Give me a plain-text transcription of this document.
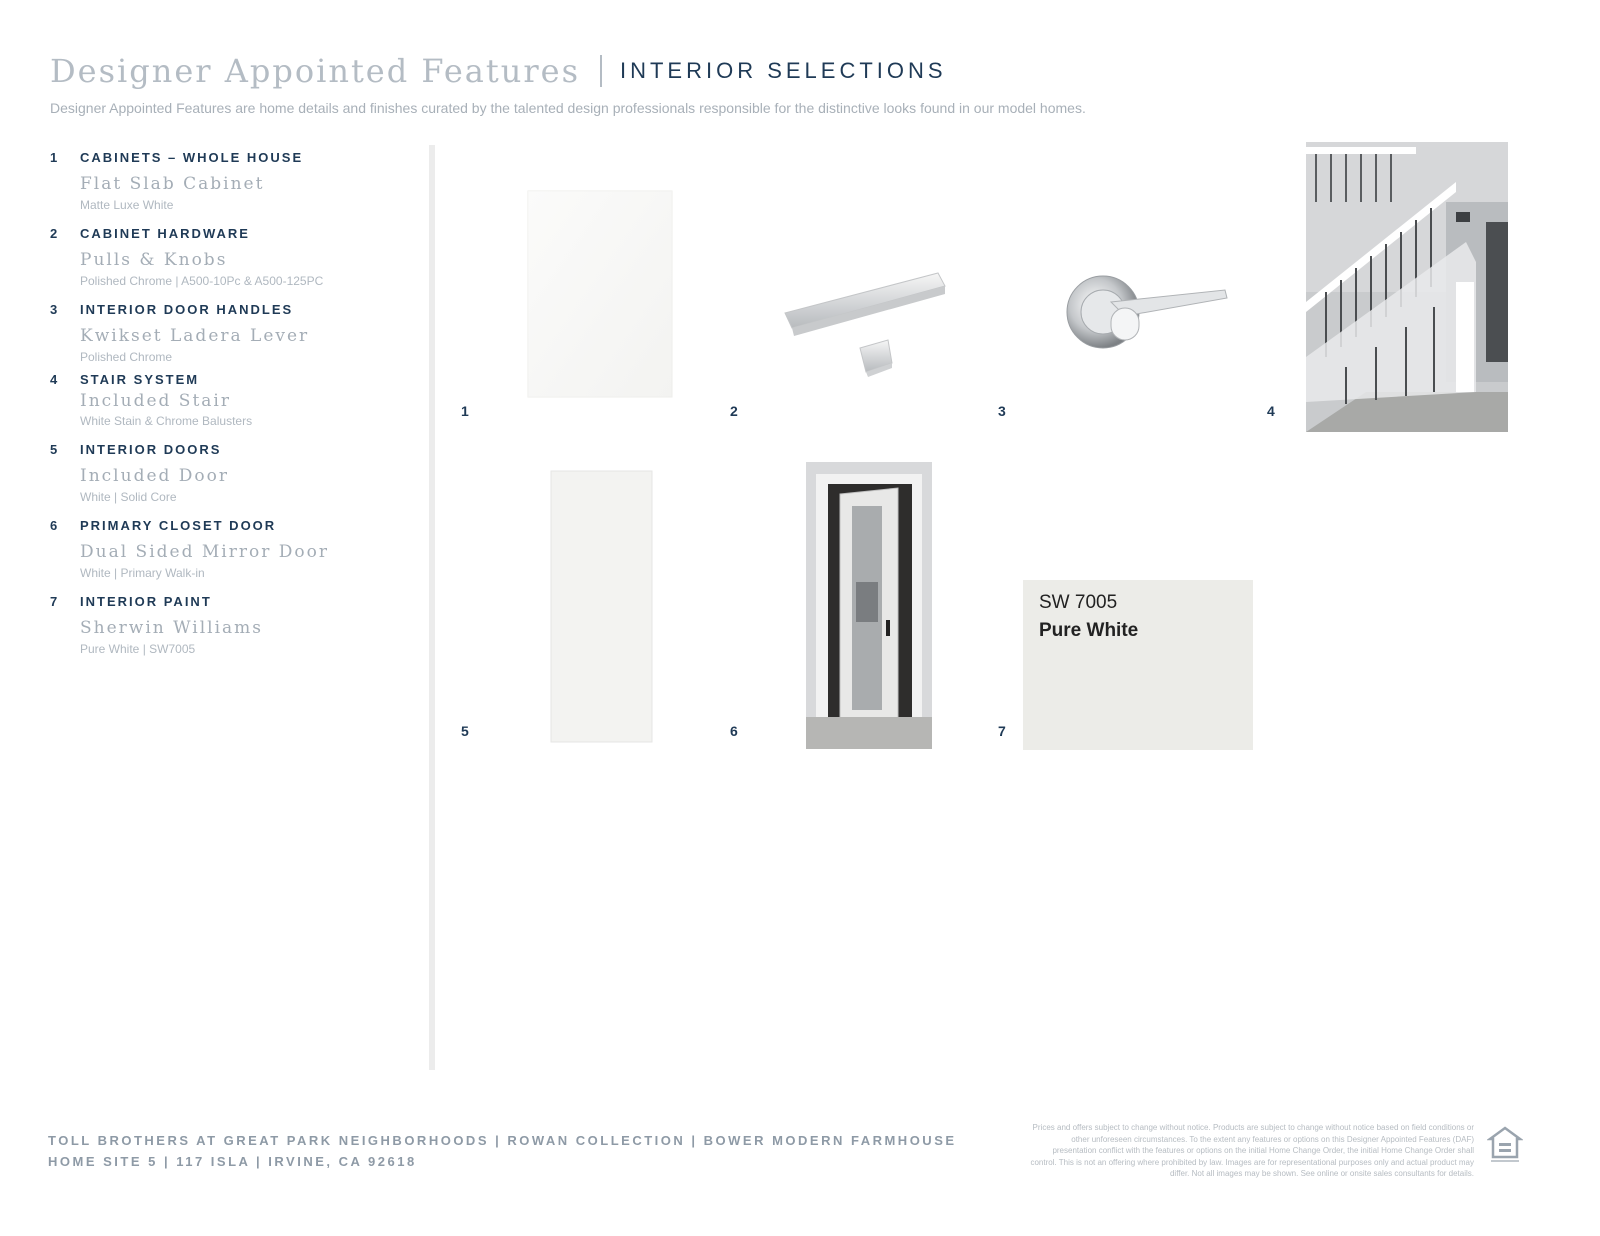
Designer Appointed Features INTERIOR SELECTIONS
Designer Appointed Features are home details and finishes curated by the talented design professionals responsible for the distinctive looks found in our model homes.
1 CABINETS – WHOLE HOUSE
Flat Slab Cabinet
Matte Luxe White
2 CABINET HARDWARE
Pulls & Knobs
Polished Chrome | A500-10Pc & A500-125PC
3 INTERIOR DOOR HANDLES
Kwikset Ladera Lever
Polished Chrome
4 STAIR SYSTEM
Included Stair
White Stain & Chrome Balusters
5 INTERIOR DOORS
Included Door
White | Solid Core
6 PRIMARY CLOSET DOOR
Dual Sided Mirror Door
White | Primary Walk-in
7 INTERIOR PAINT
Sherwin Williams
Pure White | SW7005
1	2	3	4
5	6	7
SW 7005
Pure White
TOLL BROTHERS AT GREAT PARK NEIGHBORHOODS | ROWAN COLLECTION | BOWER MODERN FARMHOUSE
HOME SITE 5 | 117 ISLA | IRVINE, CA 92618
Prices and offers subject to change without notice. Products are subject to change without notice based on field conditions or other unforeseen circumstances. To the extent any features or options on this Designer Appointed Features (DAF) presentation conflict with the features or options on the initial Home Change Order, the initial Home Change Order shall control. This is not an offering where prohibited by law. Images are for representational purposes only and actual product may differ. Not all images may be shown. See online or onsite sales consultants for details.
